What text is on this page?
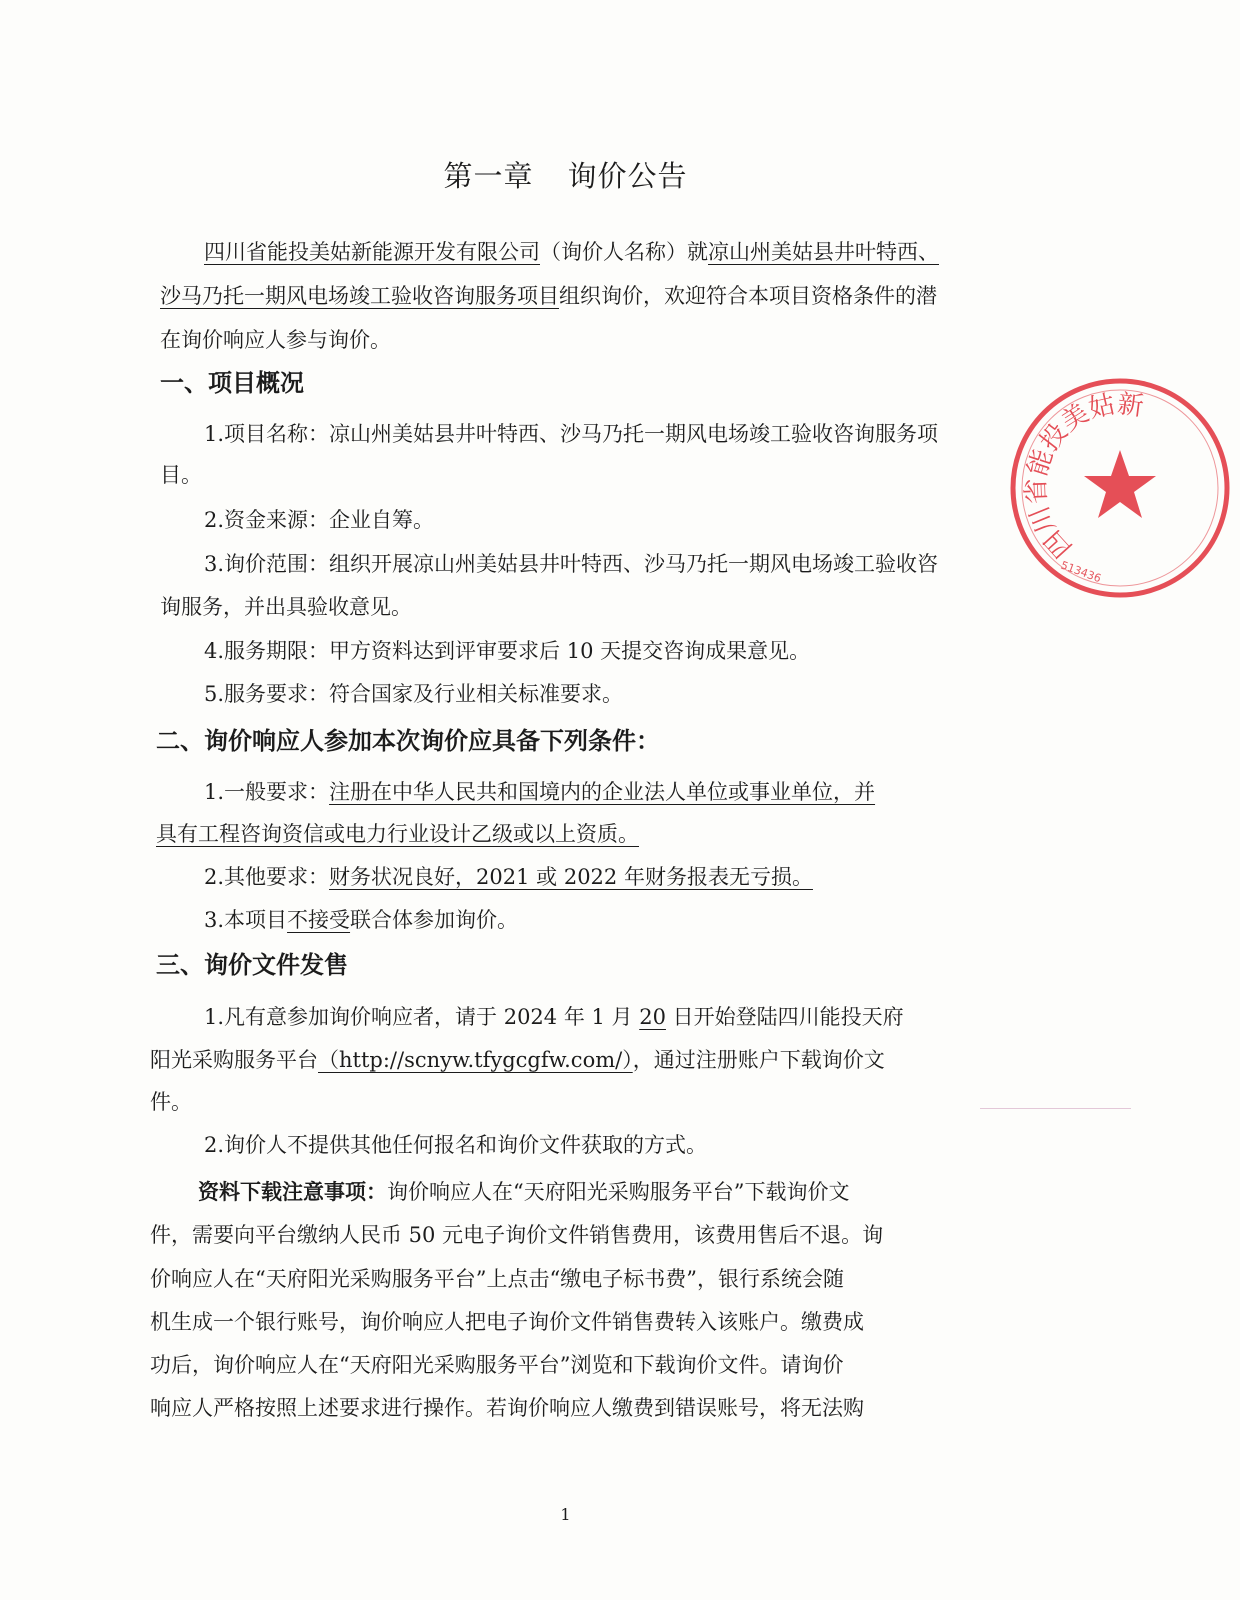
第一章 询价公告
四川省能投美姑新能源开发有限公司（询价人名称）就凉山州美姑县井叶特西、
沙马乃托一期风电场竣工验收咨询服务项目组织询价，欢迎符合本项目资格条件的潜
在询价响应人参与询价。
一、项目概况
1.项目名称：凉山州美姑县井叶特西、沙马乃托一期风电场竣工验收咨询服务项
目。
2.资金来源：企业自筹。
3.询价范围：组织开展凉山州美姑县井叶特西、沙马乃托一期风电场竣工验收咨
询服务，并出具验收意见。
4.服务期限：甲方资料达到评审要求后 10 天提交咨询成果意见。
5.服务要求：符合国家及行业相关标准要求。
二、询价响应人参加本次询价应具备下列条件：
1.一般要求：注册在中华人民共和国境内的企业法人单位或事业单位，并
具有工程咨询资信或电力行业设计乙级或以上资质。
2.其他要求：财务状况良好，2021 或 2022 年财务报表无亏损。
3.本项目不接受联合体参加询价。
三、询价文件发售
1.凡有意参加询价响应者，请于 2024 年 1 月 20 日开始登陆四川能投天府
阳光采购服务平台（http://scnyw.tfygcgfw.com/），通过注册账户下载询价文
件。
2.询价人不提供其他任何报名和询价文件获取的方式。
资料下载注意事项：询价响应人在“天府阳光采购服务平台”下载询价文
件，需要向平台缴纳人民币 50 元电子询价文件销售费用，该费用售后不退。询
价响应人在“天府阳光采购服务平台”上点击“缴电子标书费”，银行系统会随
机生成一个银行账号，询价响应人把电子询价文件销售费转入该账户。缴费成
功后，询价响应人在“天府阳光采购服务平台”浏览和下载询价文件。请询价
响应人严格按照上述要求进行操作。若询价响应人缴费到错误账号，将无法购
1
四川省能投美姑新
513436
